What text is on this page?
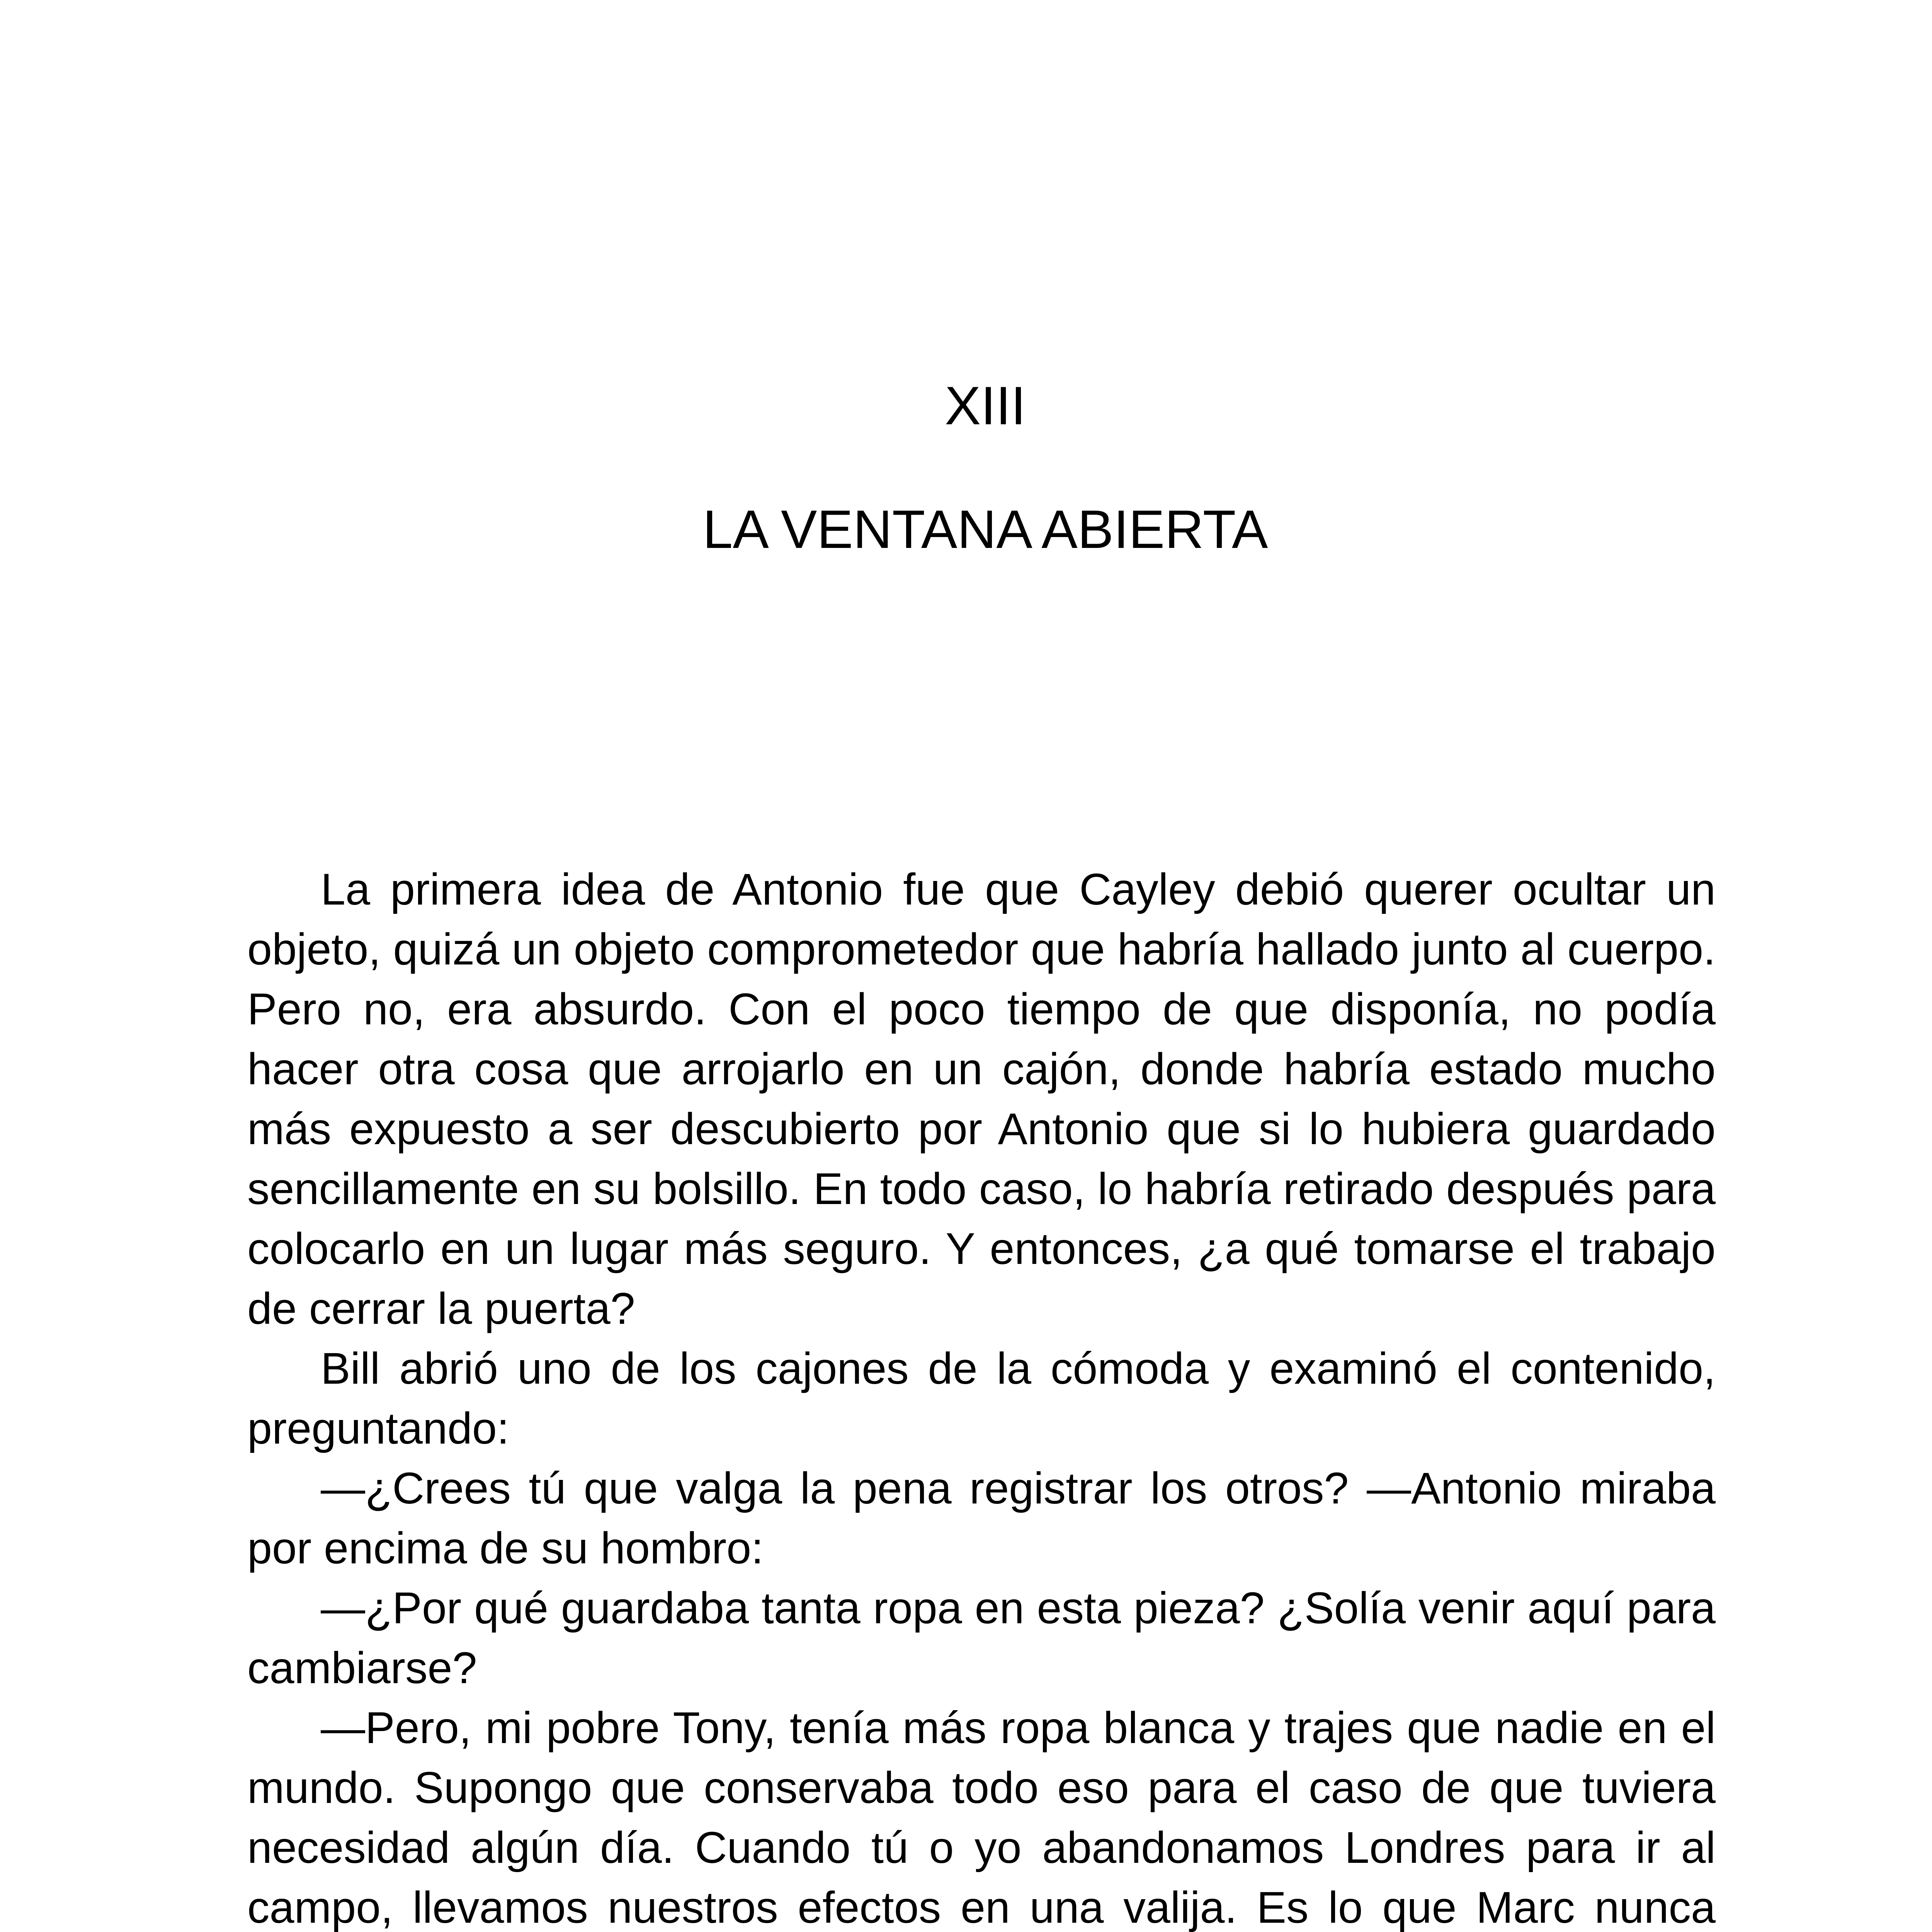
XIII
LA VENTANA ABIERTA

La primera idea de Antonio fue que Cayley debió querer ocultar un objeto, quizá un objeto comprometedor que habría hallado junto al cuerpo. Pero no, era absurdo. Con el poco tiempo de que disponía, no podía hacer otra cosa que arrojarlo en un cajón, donde habría estado mucho más expuesto a ser descubierto por Antonio que si lo hubiera guardado sencillamente en su bolsillo. En todo caso, lo habría retirado después para colocarlo en un lugar más seguro. Y entonces, ¿a qué tomarse el trabajo de cerrar la puerta?

Bill abrió uno de los cajones de la cómoda y examinó el contenido, preguntando:

—¿Crees tú que valga la pena registrar los otros? —Antonio miraba por encima de su hombro:

—¿Por qué guardaba tanta ropa en esta pieza? ¿Solía venir aquí para cambiarse?

—Pero, mi pobre Tony, tenía más ropa blanca y trajes que nadie en el mundo. Supongo que conservaba todo eso para el caso de que tuviera necesidad algún día. Cuando tú o yo abandonamos Londres para ir al campo, llevamos nuestros efectos en una valija. Es lo que Marc nunca
